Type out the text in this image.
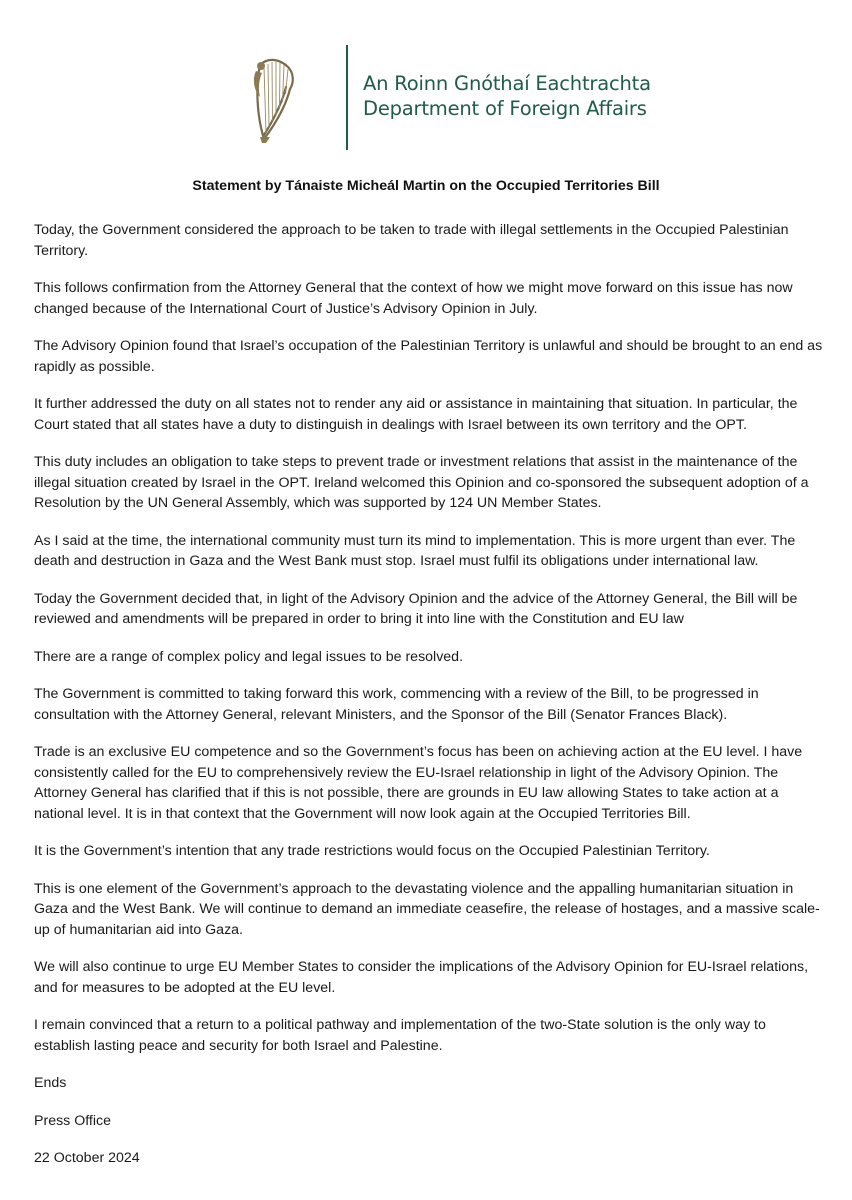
An Roinn Gnóthaí Eachtrachta
Department of Foreign Affairs
Statement by Tánaiste Micheál Martin on the Occupied Territories Bill

Today, the Government considered the approach to be taken to trade with illegal settlements in the Occupied Palestinian Territory.

This follows confirmation from the Attorney General that the context of how we might move forward on this issue has now changed because of the International Court of Justice’s Advisory Opinion in July.

The Advisory Opinion found that Israel’s occupation of the Palestinian Territory is unlawful and should be brought to an end as rapidly as possible.

It further addressed the duty on all states not to render any aid or assistance in maintaining that situation. In particular, the Court stated that all states have a duty to distinguish in dealings with Israel between its own territory and the OPT.

This duty includes an obligation to take steps to prevent trade or investment relations that assist in the maintenance of the illegal situation created by Israel in the OPT. Ireland welcomed this Opinion and co-sponsored the subsequent adoption of a Resolution by the UN General Assembly, which was supported by 124 UN Member States.

As I said at the time, the international community must turn its mind to implementation. This is more urgent than ever. The death and destruction in Gaza and the West Bank must stop. Israel must fulfil its obligations under international law.

Today the Government decided that, in light of the Advisory Opinion and the advice of the Attorney General, the Bill will be reviewed and amendments will be prepared in order to bring it into line with the Constitution and EU law

There are a range of complex policy and legal issues to be resolved.

The Government is committed to taking forward this work, commencing with a review of the Bill, to be progressed in consultation with the Attorney General, relevant Ministers, and the Sponsor of the Bill (Senator Frances Black).

Trade is an exclusive EU competence and so the Government’s focus has been on achieving action at the EU level. I have consistently called for the EU to comprehensively review the EU-Israel relationship in light of the Advisory Opinion. The Attorney General has clarified that if this is not possible, there are grounds in EU law allowing States to take action at a national level. It is in that context that the Government will now look again at the Occupied Territories Bill.

It is the Government’s intention that any trade restrictions would focus on the Occupied Palestinian Territory.

This is one element of the Government’s approach to the devastating violence and the appalling humanitarian situation in Gaza and the West Bank. We will continue to demand an immediate ceasefire, the release of hostages, and a massive scale-up of humanitarian aid into Gaza.

We will also continue to urge EU Member States to consider the implications of the Advisory Opinion for EU-Israel relations, and for measures to be adopted at the EU level.

I remain convinced that a return to a political pathway and implementation of the two-State solution is the only way to establish lasting peace and security for both Israel and Palestine.

Ends

Press Office

22 October 2024
